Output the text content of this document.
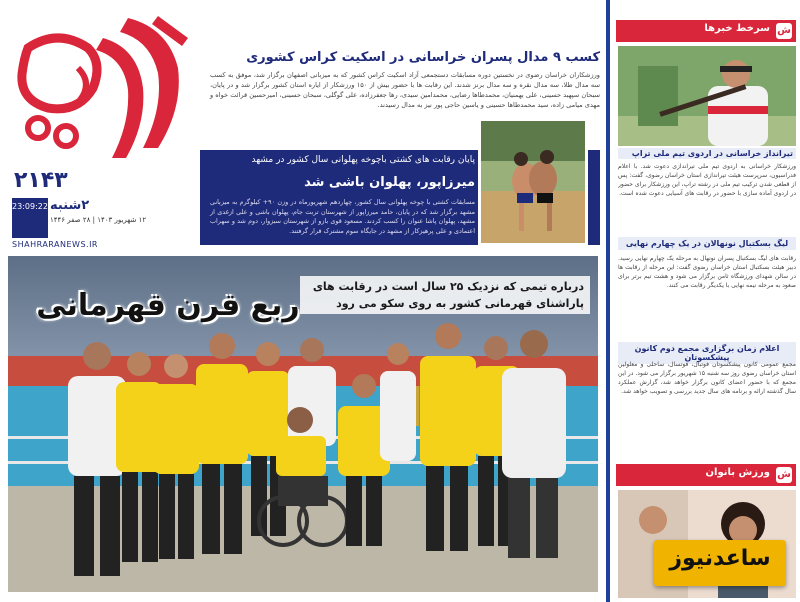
۲۱۴۳
23:09:22 ۲شنبه
۱۲ شهریور ۱۴۰۳ | ۲۸ صفر ۱۴۴۶
SHAHRARANEWS.IR
کسب ۹ مدال پسران خراسانی در اسکیت کراس کشوری
ورزشکاران خراسان رضوی در نخستین دوره مسابقات دستجمعی آزاد اسکیت کراس کشور که به میزبانی اصفهان برگزار شد، موفق به کسب سه مدال طلا، سه مدال نقره و سه مدال برنز شدند. این رقابت ها با حضور بیش از ۱۵۰ ورزشکار از ایاره استان کشور برگزار شد و در پایان، سبحان سپهبد حسینی، علی بهمنیان، محمدطاها رضایی، محمدامین سیدی، رها جعفرزاده، علی گوگلی، سبحان حسینی، امیرحسین قرائت خواه و مهدی میامی زاده، سید محمدطاها حسینی و یاسین حاجی پور نیز به مدال رسیدند.
پایان رقابت های کشتی باچوخه پهلوانی سال کشور در مشهد
میرزاپور، پهلوان باشی شد
مسابقات کشتی با چوخه پهلوانی سال کشور، چهاردهم شهریورماه در وزن ۹۰+ کیلوگرم به میزبانی مشهد برگزار شد که در پایان، حامد میرزاپور از شهرستان تربت جام، پهلوان باشی و علی ازغدی از مشهد، پهلوان پاشا عنوان را کسب کردند. مسعود قوی بازو از شهرستان سبزوار، دوم شد و سهراب اعتمادی و علی پرهیزکار از مشهد در جایگاه سوم مشترک قرار گرفتند.
درباره تیمی که نزدیک ۲۵ سال است در رقابت های پاراشنای قهرمانی کشور به روی سکو می رود
ربع قرن قهرمانی
سرخط خبرها ش
تیرانداز خراسانی در اردوی تیم ملی تراپ
ورزشکار خراسانی به اردوی تیم ملی تیراندازی دعوت شد. با اعلام فدراسیون، سرپرست هیئت تیراندازی استان خراسان رضوی، گفت: پس از قطعی شدن ترکیب تیم ملی در رشته تراپ، این ورزشکار برای حضور در اردوی آماده سازی با حضور در رقابت های آسیایی دعوت شده است.
لیگ بسکتبال نونهالان در یک چهارم نهایی
رقابت های لیگ بسکتبال پسران نونهال به مرحله یک چهارم نهایی رسید. دبیر هیئت بسکتبال استان خراسان رضوی گفت: این مرحله از رقابت ها در سالن شهدای ورزشگاه ثامن برگزار می شود و هشت تیم برتر برای صعود به مرحله نیمه نهایی با یکدیگر رقابت می کنند.
اعلام زمان برگزاری مجمع دوم کانون پیشکسوتان
مجمع عمومی کانون پیشکسوتان فوتبال، فوتسال، ساحلی و معلولین استان خراسان رضوی روز سه شنبه ۱۵ شهریور برگزار می شود. در این مجمع که با حضور اعضای کانون برگزار خواهد شد، گزارش عملکرد سال گذشته ارائه و برنامه های سال جدید بررسی و تصویب خواهد شد.
ورزش بانوان ش
ساعدنیوز
